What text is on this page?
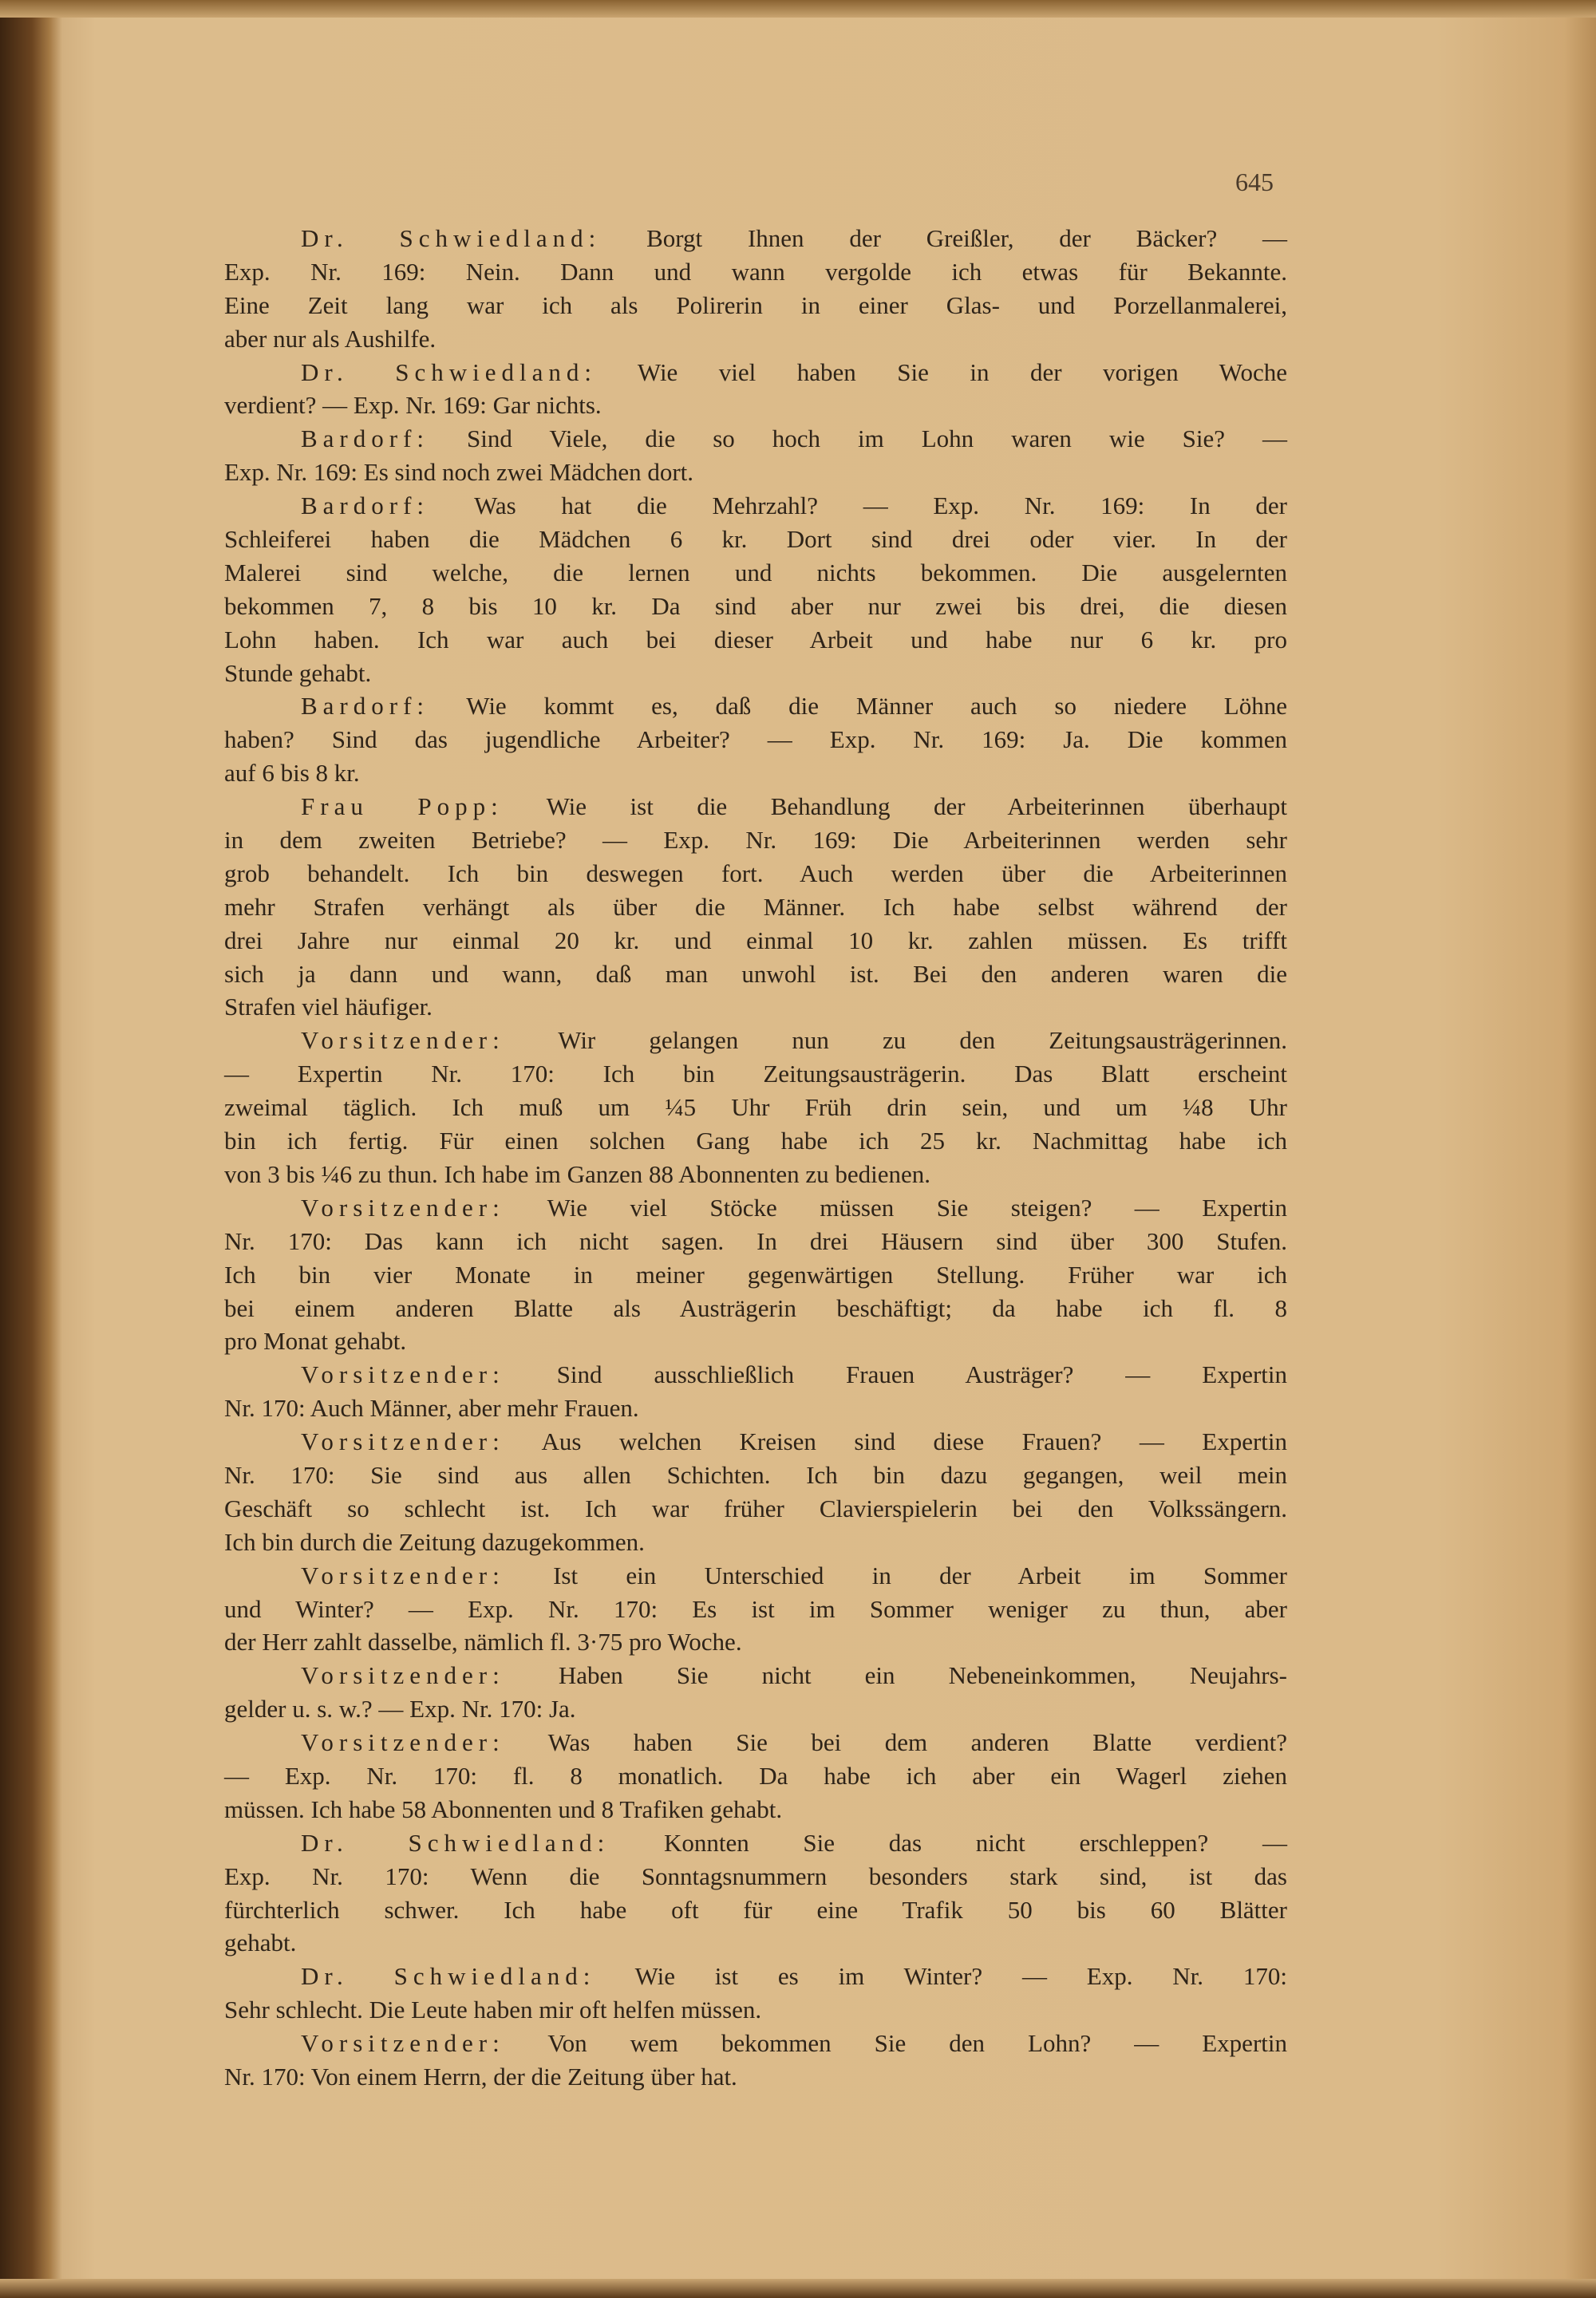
645
Dr. Schwiedland: Borgt Ihnen der Greißler, der Bäcker? —
Exp. Nr. 169: Nein. Dann und wann vergolde ich etwas für Bekannte.
Eine Zeit lang war ich als Polirerin in einer Glas- und Porzellanmalerei,
aber nur als Aushilfe.
Dr. Schwiedland: Wie viel haben Sie in der vorigen Woche
verdient? — Exp. Nr. 169: Gar nichts.
Bardorf: Sind Viele, die so hoch im Lohn waren wie Sie? —
Exp. Nr. 169: Es sind noch zwei Mädchen dort.
Bardorf: Was hat die Mehrzahl? — Exp. Nr. 169: In der
Schleiferei haben die Mädchen 6 kr. Dort sind drei oder vier. In der
Malerei sind welche, die lernen und nichts bekommen. Die ausgelernten
bekommen 7, 8 bis 10 kr. Da sind aber nur zwei bis drei, die diesen
Lohn haben. Ich war auch bei dieser Arbeit und habe nur 6 kr. pro
Stunde gehabt.
Bardorf: Wie kommt es, daß die Männer auch so niedere Löhne
haben? Sind das jugendliche Arbeiter? — Exp. Nr. 169: Ja. Die kommen
auf 6 bis 8 kr.
Frau Popp: Wie ist die Behandlung der Arbeiterinnen überhaupt
in dem zweiten Betriebe? — Exp. Nr. 169: Die Arbeiterinnen werden sehr
grob behandelt. Ich bin deswegen fort. Auch werden über die Arbeiterinnen
mehr Strafen verhängt als über die Männer. Ich habe selbst während der
drei Jahre nur einmal 20 kr. und einmal 10 kr. zahlen müssen. Es trifft
sich ja dann und wann, daß man unwohl ist. Bei den anderen waren die
Strafen viel häufiger.
Vorsitzender: Wir gelangen nun zu den Zeitungsausträgerinnen.
— Expertin Nr. 170: Ich bin Zeitungsausträgerin. Das Blatt erscheint
zweimal täglich. Ich muß um ¼5 Uhr Früh drin sein, und um ¼8 Uhr
bin ich fertig. Für einen solchen Gang habe ich 25 kr. Nachmittag habe ich
von 3 bis ¼6 zu thun. Ich habe im Ganzen 88 Abonnenten zu bedienen.
Vorsitzender: Wie viel Stöcke müssen Sie steigen? — Expertin
Nr. 170: Das kann ich nicht sagen. In drei Häusern sind über 300 Stufen.
Ich bin vier Monate in meiner gegenwärtigen Stellung. Früher war ich
bei einem anderen Blatte als Austrägerin beschäftigt; da habe ich fl. 8
pro Monat gehabt.
Vorsitzender: Sind ausschließlich Frauen Austräger? — Expertin
Nr. 170: Auch Männer, aber mehr Frauen.
Vorsitzender: Aus welchen Kreisen sind diese Frauen? — Expertin
Nr. 170: Sie sind aus allen Schichten. Ich bin dazu gegangen, weil mein
Geschäft so schlecht ist. Ich war früher Clavierspielerin bei den Volkssängern.
Ich bin durch die Zeitung dazugekommen.
Vorsitzender: Ist ein Unterschied in der Arbeit im Sommer
und Winter? — Exp. Nr. 170: Es ist im Sommer weniger zu thun, aber
der Herr zahlt dasselbe, nämlich fl. 3·75 pro Woche.
Vorsitzender: Haben Sie nicht ein Nebeneinkommen, Neujahrs-
gelder u. s. w.? — Exp. Nr. 170: Ja.
Vorsitzender: Was haben Sie bei dem anderen Blatte verdient?
— Exp. Nr. 170: fl. 8 monatlich. Da habe ich aber ein Wagerl ziehen
müssen. Ich habe 58 Abonnenten und 8 Trafiken gehabt.
Dr. Schwiedland: Konnten Sie das nicht erschleppen? —
Exp. Nr. 170: Wenn die Sonntagsnummern besonders stark sind, ist das
fürchterlich schwer. Ich habe oft für eine Trafik 50 bis 60 Blätter
gehabt.
Dr. Schwiedland: Wie ist es im Winter? — Exp. Nr. 170:
Sehr schlecht. Die Leute haben mir oft helfen müssen.
Vorsitzender: Von wem bekommen Sie den Lohn? — Expertin
Nr. 170: Von einem Herrn, der die Zeitung über hat.
